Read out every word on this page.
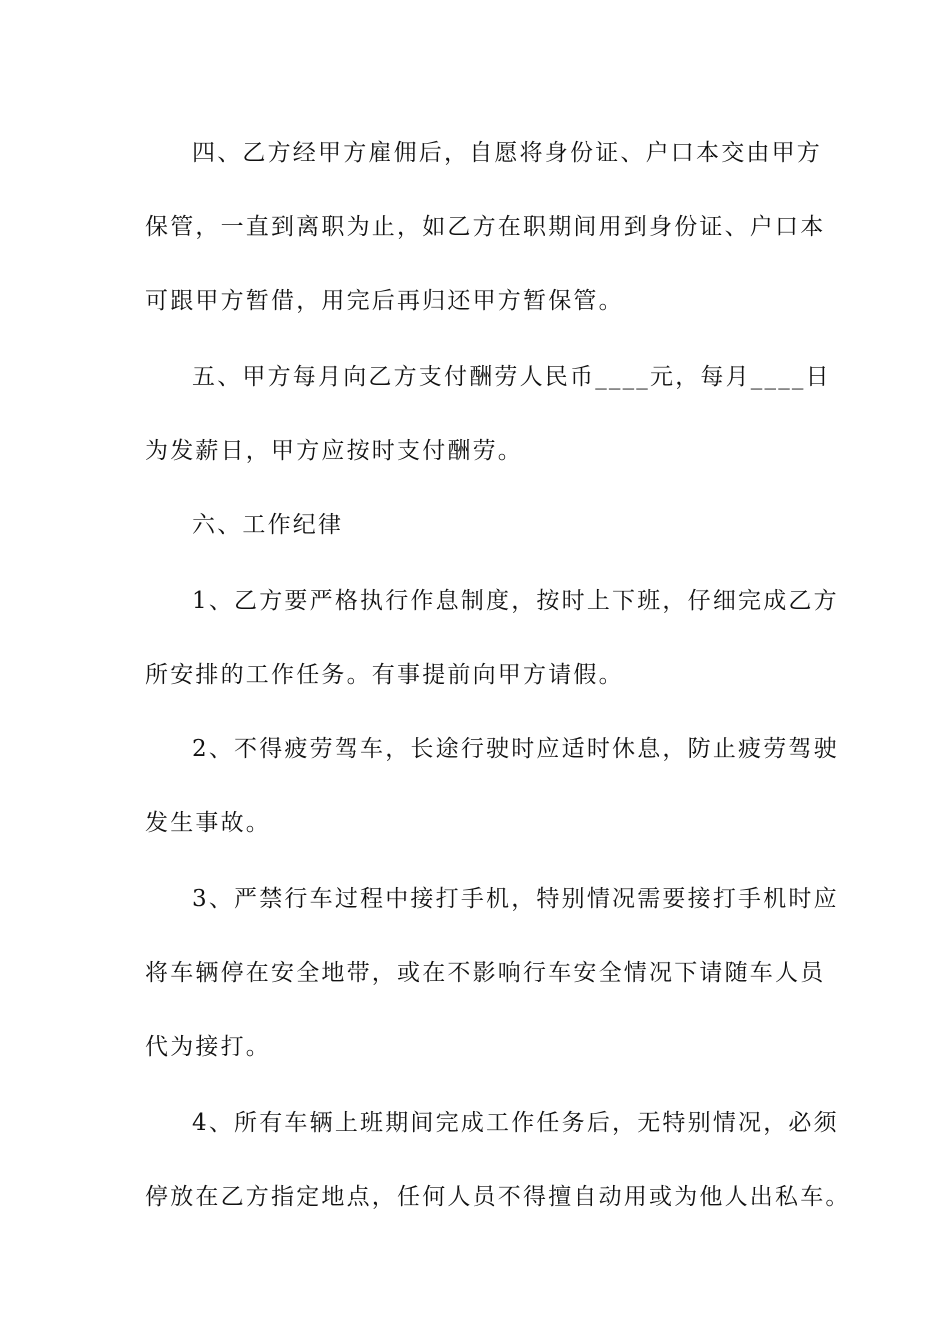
四、乙方经甲方雇佣后，自愿将身份证、户口本交由甲方
保管，一直到离职为止，如乙方在职期间用到身份证、户口本
可跟甲方暂借，用完后再归还甲方暂保管。
五、甲方每月向乙方支付酬劳人民币____元，每月____日
为发薪日，甲方应按时支付酬劳。
六、工作纪律
1、乙方要严格执行作息制度，按时上下班，仔细完成乙方
所安排的工作任务。有事提前向甲方请假。
2、不得疲劳驾车，长途行驶时应适时休息，防止疲劳驾驶
发生事故。
3、严禁行车过程中接打手机，特别情况需要接打手机时应
将车辆停在安全地带，或在不影响行车安全情况下请随车人员
代为接打。
4、所有车辆上班期间完成工作任务后，无特别情况，必须
停放在乙方指定地点，任何人员不得擅自动用或为他人出私车。
